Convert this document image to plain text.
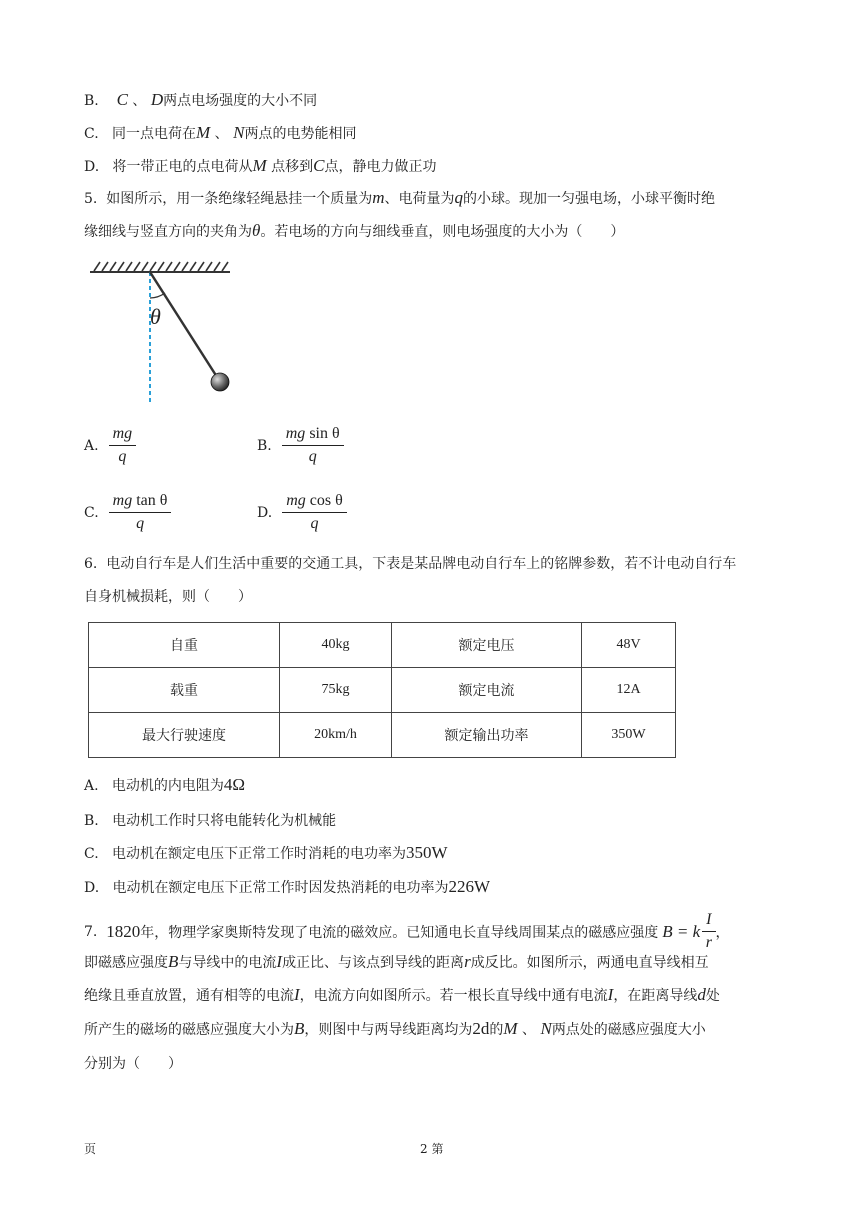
B. C 、 D两点电场强度的大小不同
C. 同一点电荷在M 、 N两点的电势能相同
D. 将一带正电的点电荷从M 点移到C点，静电力做正功
5. 如图所示，用一条绝缘轻绳悬挂一个质量为m、电荷量为q的小球。现加一匀强电场，小球平衡时绝
缘细线与竖直方向的夹角为θ。若电场的方向与细线垂直，则电场强度的大小为（　　）
θ
A. $\frac{mg}{q}$	B. $\frac{\text{mg sin θ}}{q}$
C. $\frac{\text{mg tan θ}}{q}$	D. $\frac{\text{mg cos θ}}{q}$
6. 电动自行车是人们生活中重要的交通工具，下表是某品牌电动自行车上的铭牌参数，若不计电动自行车
自身机械损耗，则（　　）
自重	40kg	额定电压	48V
载重	75kg	额定电流	12A
最大行驶速度	20km/h	额定输出功率	350W
A. 电动机的内电阻为4Ω
B. 电动机工作时只将电能转化为机械能
C. 电动机在额定电压下正常工作时消耗的电功率为350W
D. 电动机在额定电压下正常工作时因发热消耗的电功率为226W
7.
1820 年，物理学家奥斯特发现了电流的磁效应。已知通电长直导线周围某点的磁感应强度 B = k $\frac{I}{r}$ ，
即磁感应强度B与导线中的电流I成正比、与该点到导线的距离r成反比。如图所示，两通电直导线相互
绝缘且垂直放置，通有相等的电流I，电流方向如图所示。若一根长直导线中通有电流I，在距离导线d处
所产生的磁场的磁感应强度大小为B，则图中与两导线距离均为2d的M 、 N两点处的磁感应强度大小
分别为（　　）
页	2 第
